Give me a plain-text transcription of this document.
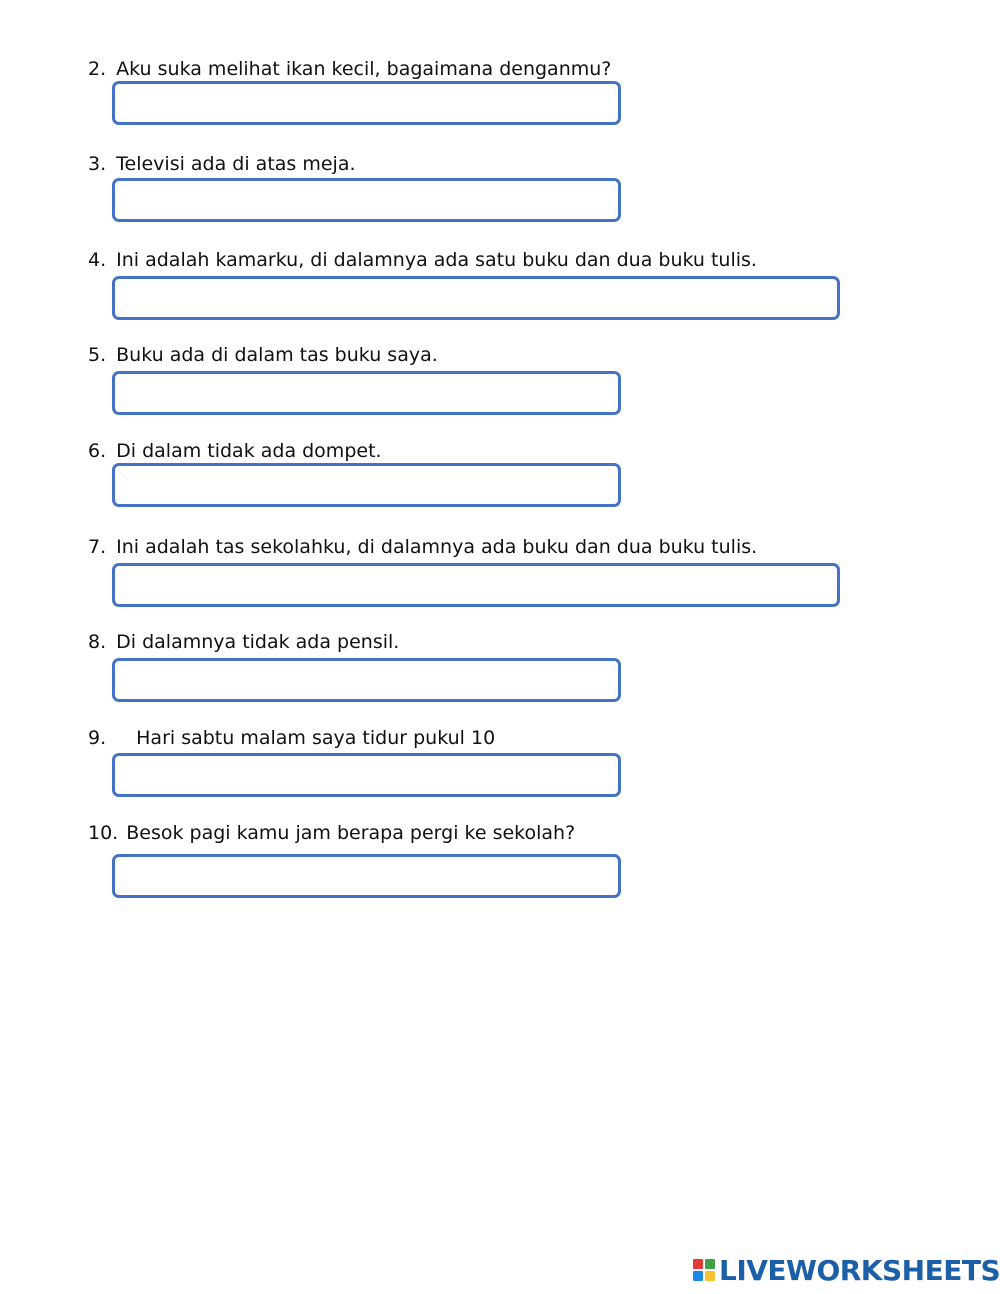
2. Aku suka melihat ikan kecil, bagaimana denganmu?
3. Televisi ada di atas meja.
4. Ini adalah kamarku, di dalamnya ada satu buku dan dua buku tulis.
5. Buku ada di dalam tas buku saya.
6. Di dalam tidak ada dompet.
7. Ini adalah tas sekolahku, di dalamnya ada buku dan dua buku tulis.
8. Di dalamnya tidak ada pensil.
9. Hari sabtu malam saya tidur pukul 10
10. Besok pagi kamu jam berapa pergi ke sekolah?
LIVEWORKSHEETS
